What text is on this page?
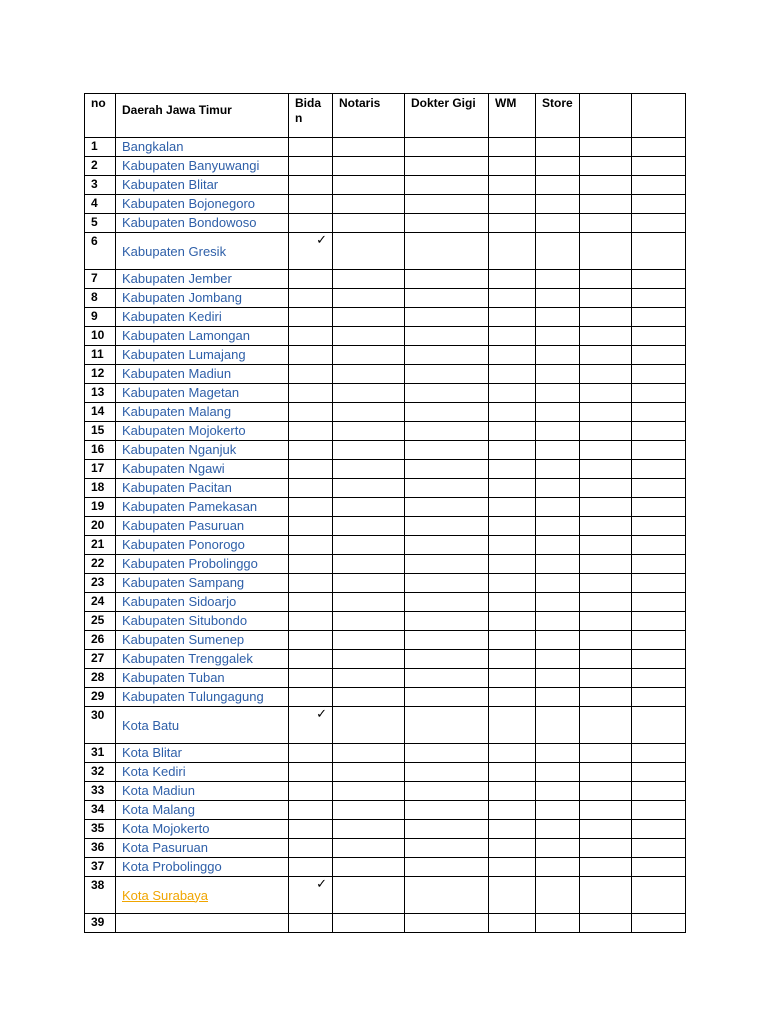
no	Daerah Jawa Timur	Bida n	Notaris	Dokter Gigi	WM	Store		
1	Bangkalan							
2	Kabupaten Banyuwangi							
3	Kabupaten Blitar							
4	Kabupaten Bojonegoro							
5	Kabupaten Bondowoso							
6	Kabupaten Gresik	✓						
7	Kabupaten Jember							
8	Kabupaten Jombang							
9	Kabupaten Kediri							
10	Kabupaten Lamongan							
11	Kabupaten Lumajang							
12	Kabupaten Madiun							
13	Kabupaten Magetan							
14	Kabupaten Malang							
15	Kabupaten Mojokerto							
16	Kabupaten Nganjuk							
17	Kabupaten Ngawi							
18	Kabupaten Pacitan							
19	Kabupaten Pamekasan							
20	Kabupaten Pasuruan							
21	Kabupaten Ponorogo							
22	Kabupaten Probolinggo							
23	Kabupaten Sampang							
24	Kabupaten Sidoarjo							
25	Kabupaten Situbondo							
26	Kabupaten Sumenep							
27	Kabupaten Trenggalek							
28	Kabupaten Tuban							
29	Kabupaten Tulungagung							
30	Kota Batu	✓						
31	Kota Blitar							
32	Kota Kediri							
33	Kota Madiun							
34	Kota Malang							
35	Kota Mojokerto							
36	Kota Pasuruan							
37	Kota Probolinggo							
38	Kota Surabaya	✓						
39								
